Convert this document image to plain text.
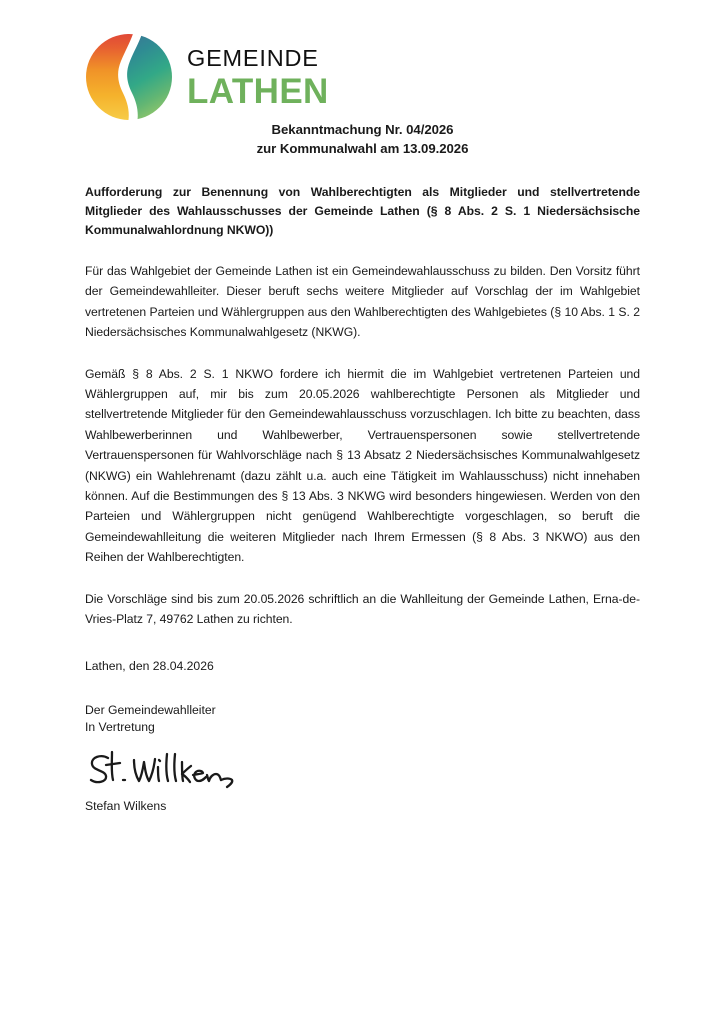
GEMEINDE
LATHEN
Bekanntmachung Nr. 04/2026
zur Kommunalwahl am 13.09.2026
Aufforderung zur Benennung von Wahlberechtigten als Mitglieder und stellvertretende Mitglieder des Wahlausschusses der Gemeinde Lathen (§ 8 Abs. 2 S. 1 Niedersächsische Kommunalwahlordnung NKWO))

Für das Wahlgebiet der Gemeinde Lathen ist ein Gemeindewahlausschuss zu bilden. Den Vorsitz führt der Gemeindewahlleiter. Dieser beruft sechs weitere Mitglieder auf Vorschlag der im Wahlgebiet vertretenen Parteien und Wählergruppen aus den Wahlberechtigten des Wahlgebietes (§ 10 Abs. 1 S. 2 Niedersächsisches Kommunalwahlgesetz (NKWG).

Gemäß § 8 Abs. 2 S. 1 NKWO fordere ich hiermit die im Wahlgebiet vertretenen Parteien und Wählergruppen auf, mir bis zum 20.05.2026 wahlberechtigte Personen als Mitglieder und stellvertretende Mitglieder für den Gemeindewahlausschuss vorzuschlagen. Ich bitte zu beachten, dass Wahlbewerberinnen und Wahlbewerber, Vertrauenspersonen sowie stellvertretende Vertrauenspersonen für Wahlvorschläge nach § 13 Absatz 2 Niedersächsisches Kommunalwahlgesetz (NKWG) ein Wahlehrenamt (dazu zählt u.a. auch eine Tätigkeit im Wahlausschuss) nicht innehaben können. Auf die Bestimmungen des § 13 Abs. 3 NKWG wird besonders hingewiesen. Werden von den Parteien und Wählergruppen nicht genügend Wahlberechtigte vorgeschlagen, so beruft die Gemeindewahlleitung die weiteren Mitglieder nach Ihrem Ermessen (§ 8 Abs. 3 NKWO) aus den Reihen der Wahlberechtigten.

Die Vorschläge sind bis zum 20.05.2026 schriftlich an die Wahlleitung der Gemeinde Lathen, Erna-de-Vries-Platz 7, 49762 Lathen zu richten.

Lathen, den 28.04.2026
Der Gemeindewahlleiter
In Vertretung
Stefan Wilkens
